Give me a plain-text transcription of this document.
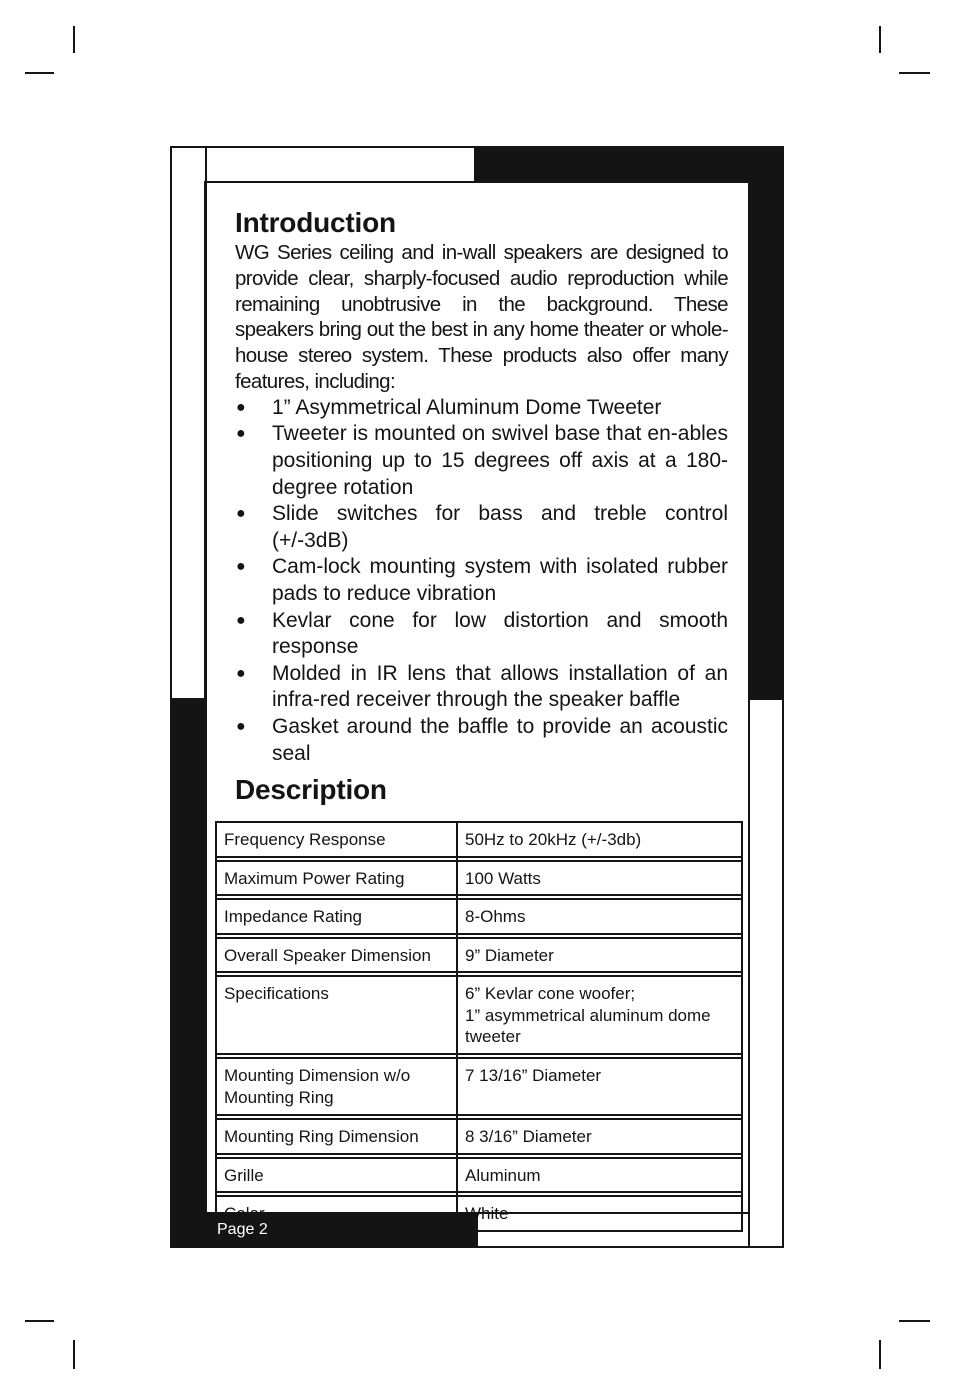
Introduction

WG Series ceiling and in-wall speakers are designed to provide clear, sharply-focused audio reproduction while remaining unobtrusive in the background. These speakers bring out the best in any home theater or whole-house stereo system. These products also offer many features, including:

● 1” Asymmetrical Aluminum Dome Tweeter
● Tweeter is mounted on swivel base that en-ables positioning up to 15 degrees off axis at a 180-degree rotation
● Slide switches for bass and treble control (+/-3dB)
● Cam-lock mounting system with isolated rubber pads to reduce vibration
● Kevlar cone for low distortion and smooth response
● Molded in IR lens that allows installation of an infra-red receiver through the speaker baffle
● Gasket around the baffle to provide an acoustic seal
Description
Frequency Response	50Hz to 20kHz (+/-3db)

Maximum Power Rating	100 Watts

Impedance Rating	8-Ohms

Overall Speaker Dimension	9” Diameter

Specifications	6” Kevlar cone woofer;
1” asymmetrical aluminum dome tweeter

Mounting Dimension w/o Mounting Ring	7 13/16” Diameter

Mounting Ring Dimension	8 3/16” Diameter

Grille	Aluminum

Color	White
Page 2
